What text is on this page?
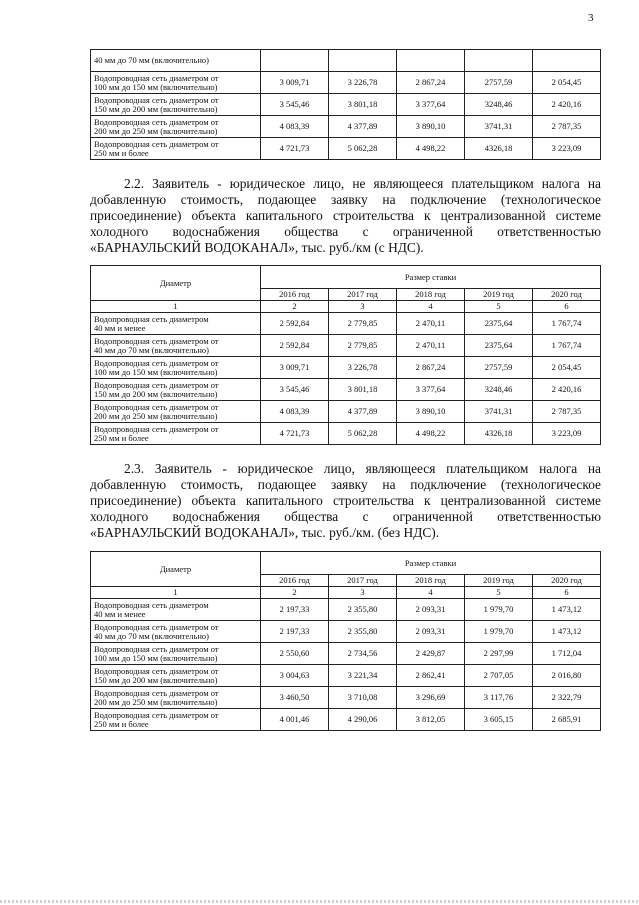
3
40 мм до 70 мм (включительно)					
Водопроводная сеть диаметром от
100 мм до 150 мм (включительно)	3 009,71	3 226,78	2 867,24	2757,59	2 054,45
Водопроводная сеть диаметром от
150 мм до 200 мм (включительно)	3 545,46	3 801,18	3 377,64	3248,46	2 420,16
Водопроводная сеть диаметром от
200 мм до 250 мм (включительно)	4 083,39	4 377,89	3 890,10	3741,31	2 787,35
Водопроводная сеть диаметром от
250 мм и более	4 721,73	5 062,28	4 498,22	4326,18	3 223,09

2.2. Заявитель - юридическое лицо, не являющееся плательщиком налога на добавленную стоимость, подающее заявку на подключение (технологическое присоединение) объекта капитального строительства к централизованной системе холодного водоснабжения общества с ограниченной ответственностью «БАРНАУЛЬСКИЙ ВОДОКАНАЛ», тыс. руб./км (с НДС).

Диаметр	Размер ставки				
	2016 год	2017 год	2018 год	2019 год	2020 год
1	2	3	4	5	6
Водопроводная сеть диаметром
40 мм и менее	2 592,84	2 779,85	2 470,11	2375,64	1 767,74
Водопроводная сеть диаметром от
40 мм до 70 мм (включительно)	2 592,84	2 779,85	2 470,11	2375,64	1 767,74
Водопроводная сеть диаметром от
100 мм до 150 мм (включительно)	3 009,71	3 226,78	2 867,24	2757,59	2 054,45
Водопроводная сеть диаметром от
150 мм до 200 мм (включительно)	3 545,46	3 801,18	3 377,64	3248,46	2 420,16
Водопроводная сеть диаметром от
200 мм до 250 мм (включительно)	4 083,39	4 377,89	3 890,10	3741,31	2 787,35
Водопроводная сеть диаметром от
250 мм и более	4 721,73	5 062,28	4 498,22	4326,18	3 223,09

2.3. Заявитель - юридическое лицо, являющееся плательщиком налога на добавленную стоимость, подающее заявку на подключение (технологическое присоединение) объекта капитального строительства к централизованной системе холодного водоснабжения общества с ограниченной ответственностью «БАРНАУЛЬСКИЙ ВОДОКАНАЛ», тыс. руб./км. (без НДС).

Диаметр	Размер ставки				
	2016 год	2017 год	2018 год	2019 год	2020 год
1	2	3	4	5	6
Водопроводная сеть диаметром
40 мм и менее	2 197,33	2 355,80	2 093,31	1 979,70	1 473,12
Водопроводная сеть диаметром от
40 мм до 70 мм (включительно)	2 197,33	2 355,80	2 093,31	1 979,70	1 473,12
Водопроводная сеть диаметром от
100 мм до 150 мм (включительно)	2 550,60	2 734,56	2 429,87	2 297,99	1 712,04
Водопроводная сеть диаметром от
150 мм до 200 мм (включительно)	3 004,63	3 221,34	2 862,41	2 707,05	2 016,80
Водопроводная сеть диаметром от
200 мм до 250 мм (включительно)	3 460,50	3 710,08	3 296,69	3 117,76	2 322,79
Водопроводная сеть диаметром от
250 мм и более	4 001,46	4 290,06	3 812,05	3 605,15	2 685,91
